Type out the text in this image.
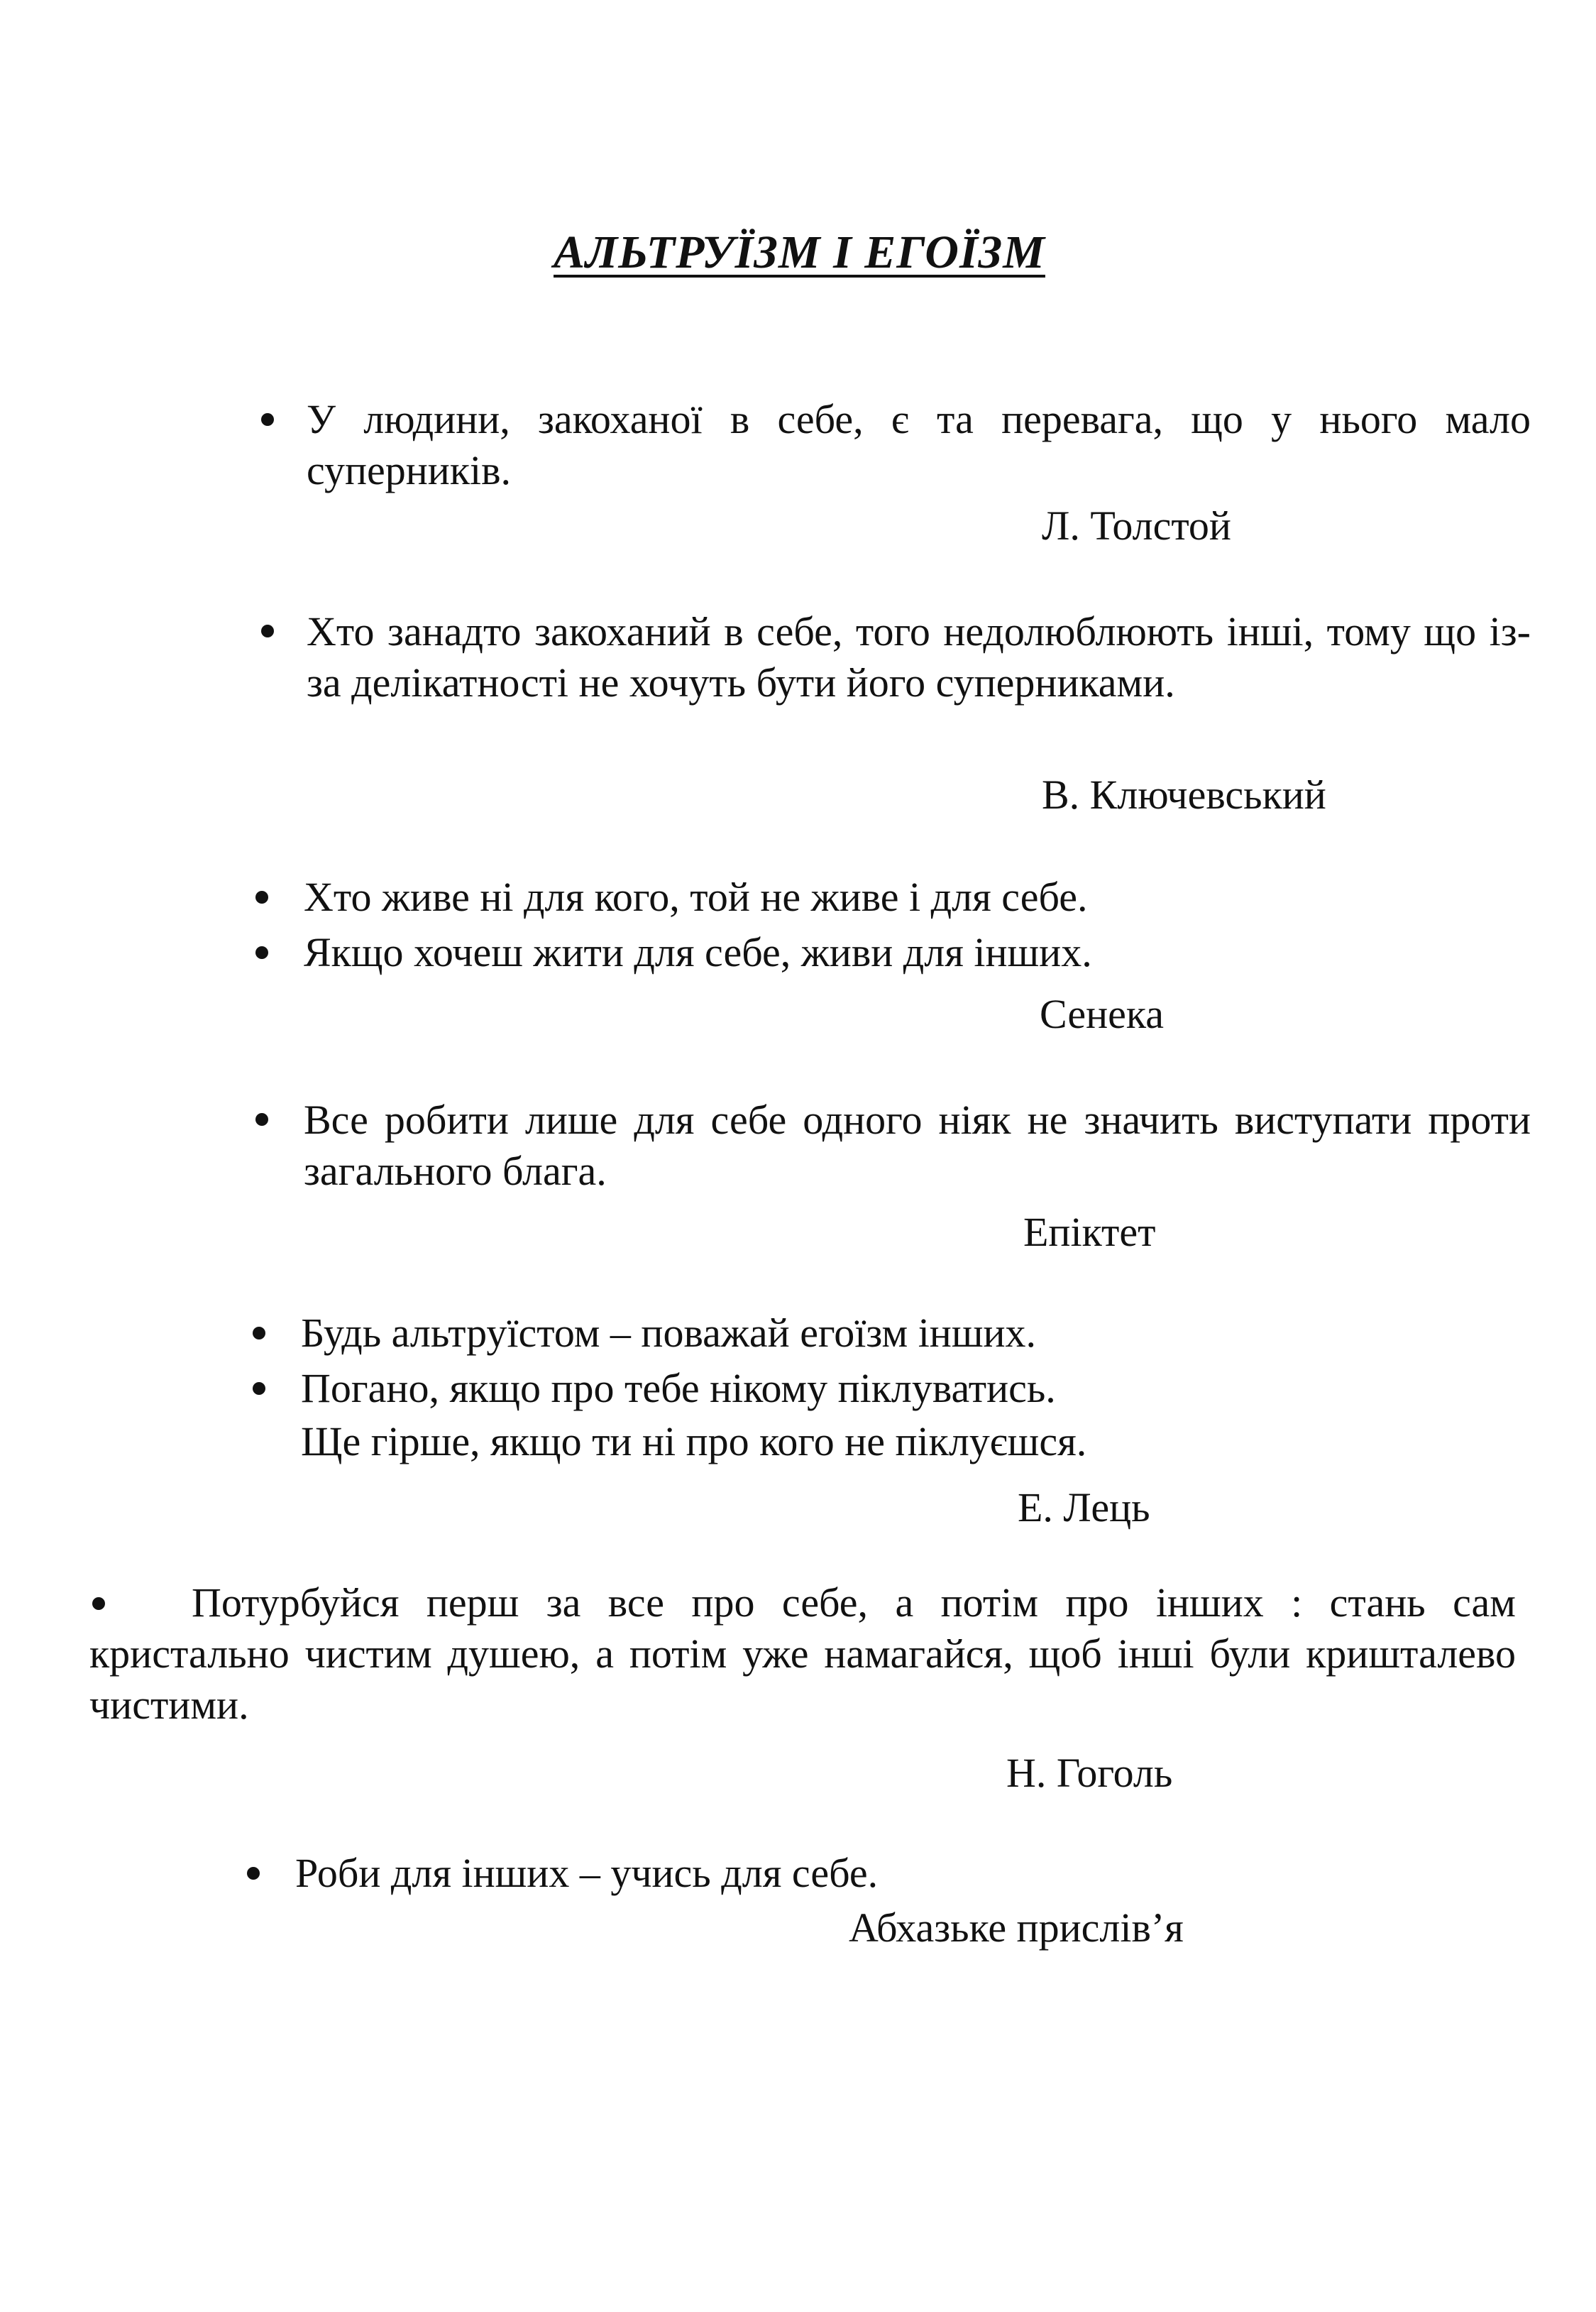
АЛЬТРУЇЗМ І ЕГОЇЗМ
У людини, закоханої в себе, є та перевага, що у нього мало суперників.
Л. Толстой
Хто занадто закоханий в себе, того недолюблюють інші, тому що із-за делікатності не хочуть бути його суперниками.
В. Ключевський
Хто живе ні для кого, той не живе і для себе.
Якщо хочеш жити для себе, живи для інших.
Сенека
Все робити лише для себе одного ніяк не значить виступати проти загального блага.
Епіктет
Будь альтруїстом – поважай егоїзм інших.
Погано, якщо про тебе нікому піклуватись.
Ще гірше, якщо ти ні про кого не піклуєшся.
Е. Лець
Потурбуйся перш за все про себе, а потім про інших : стань сам кристально чистим душею, а потім уже намагайся, щоб інші були кришталево чистими.
Н. Гоголь
Роби для інших – учись для себе.
Абхазьке прислів’я
